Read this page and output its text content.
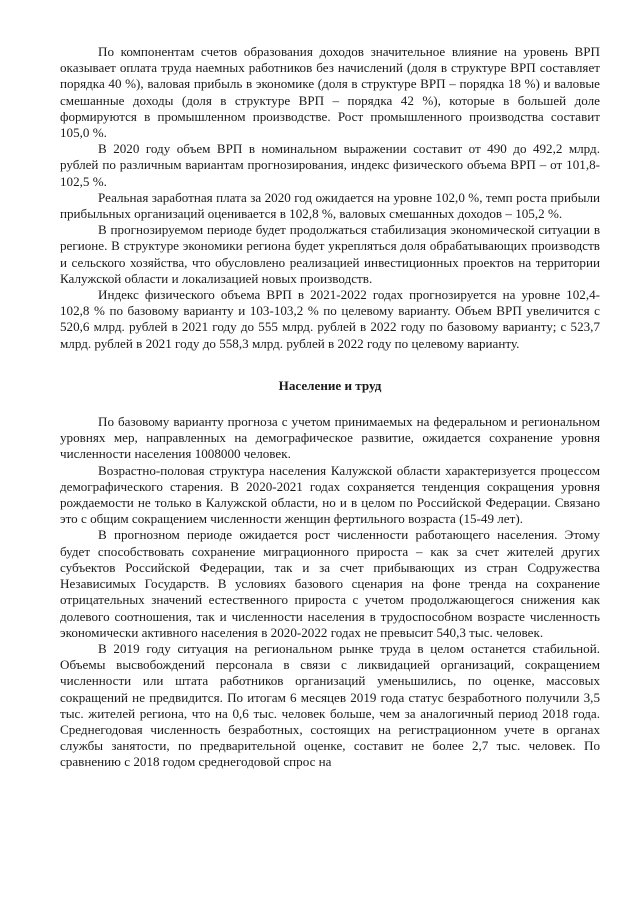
По компонентам счетов образования доходов значительное влияние на уровень ВРП оказывает оплата труда наемных работников без начислений (доля в структуре ВРП составляет порядка 40 %), валовая прибыль в экономике (доля в структуре ВРП – порядка 18 %) и валовые смешанные доходы (доля в структуре ВРП – порядка 42 %), которые в большей доле формируются в промышленном производстве. Рост промышленного производства составит 105,0 %.

В 2020 году объем ВРП в номинальном выражении составит от 490 до 492,2 млрд. рублей по различным вариантам прогнозирования, индекс физического объема ВРП – от 101,8-102,5 %.

Реальная заработная плата за 2020 год ожидается на уровне 102,0 %, темп роста прибыли прибыльных организаций оценивается в 102,8 %, валовых смешанных доходов – 105,2 %.

В прогнозируемом периоде будет продолжаться стабилизация экономической ситуации в регионе. В структуре экономики региона будет укрепляться доля обрабатывающих производств и сельского хозяйства, что обусловлено реализацией инвестиционных проектов на территории Калужской области и локализацией новых производств.

Индекс физического объема ВРП в 2021-2022 годах прогнозируется на уровне 102,4-102,8 % по базовому варианту и 103-103,2 % по целевому варианту. Объем ВРП увеличится с 520,6 млрд. рублей в 2021 году до 555 млрд. рублей в 2022 году по базовому варианту; с 523,7 млрд. рублей в 2021 году до 558,3 млрд. рублей в 2022 году по целевому варианту.

Население и труд

По базовому варианту прогноза с учетом принимаемых на федеральном и региональном уровнях мер, направленных на демографическое развитие, ожидается сохранение уровня численности населения 1008000 человек.

Возрастно-половая структура населения Калужской области характеризуется процессом демографического старения. В 2020-2021 годах сохраняется тенденция сокращения уровня рождаемости не только в Калужской области, но и в целом по Российской Федерации. Связано это с общим сокращением численности женщин фертильного возраста (15-49 лет).

В прогнозном периоде ожидается рост численности работающего населения. Этому будет способствовать сохранение миграционного прироста – как за счет жителей других субъектов Российской Федерации, так и за счет прибывающих из стран Содружества Независимых Государств. В условиях базового сценария на фоне тренда на сохранение отрицательных значений естественного прироста с учетом продолжающегося снижения как долевого соотношения, так и численности населения в трудоспособном возрасте численность экономически активного населения в 2020-2022 годах не превысит 540,3 тыс. человек.

В 2019 году ситуация на региональном рынке труда в целом останется стабильной. Объемы высвобождений персонала в связи с ликвидацией организаций, сокращением численности или штата работников организаций уменьшились, по оценке, массовых сокращений не предвидится. По итогам 6 месяцев 2019 года статус безработного получили 3,5 тыс. жителей региона, что на 0,6 тыс. человек больше, чем за аналогичный период 2018 года. Среднегодовая численность безработных, состоящих на регистрационном учете в органах службы занятости, по предварительной оценке, составит не более 2,7 тыс. человек. По сравнению с 2018 годом среднегодовой спрос на
